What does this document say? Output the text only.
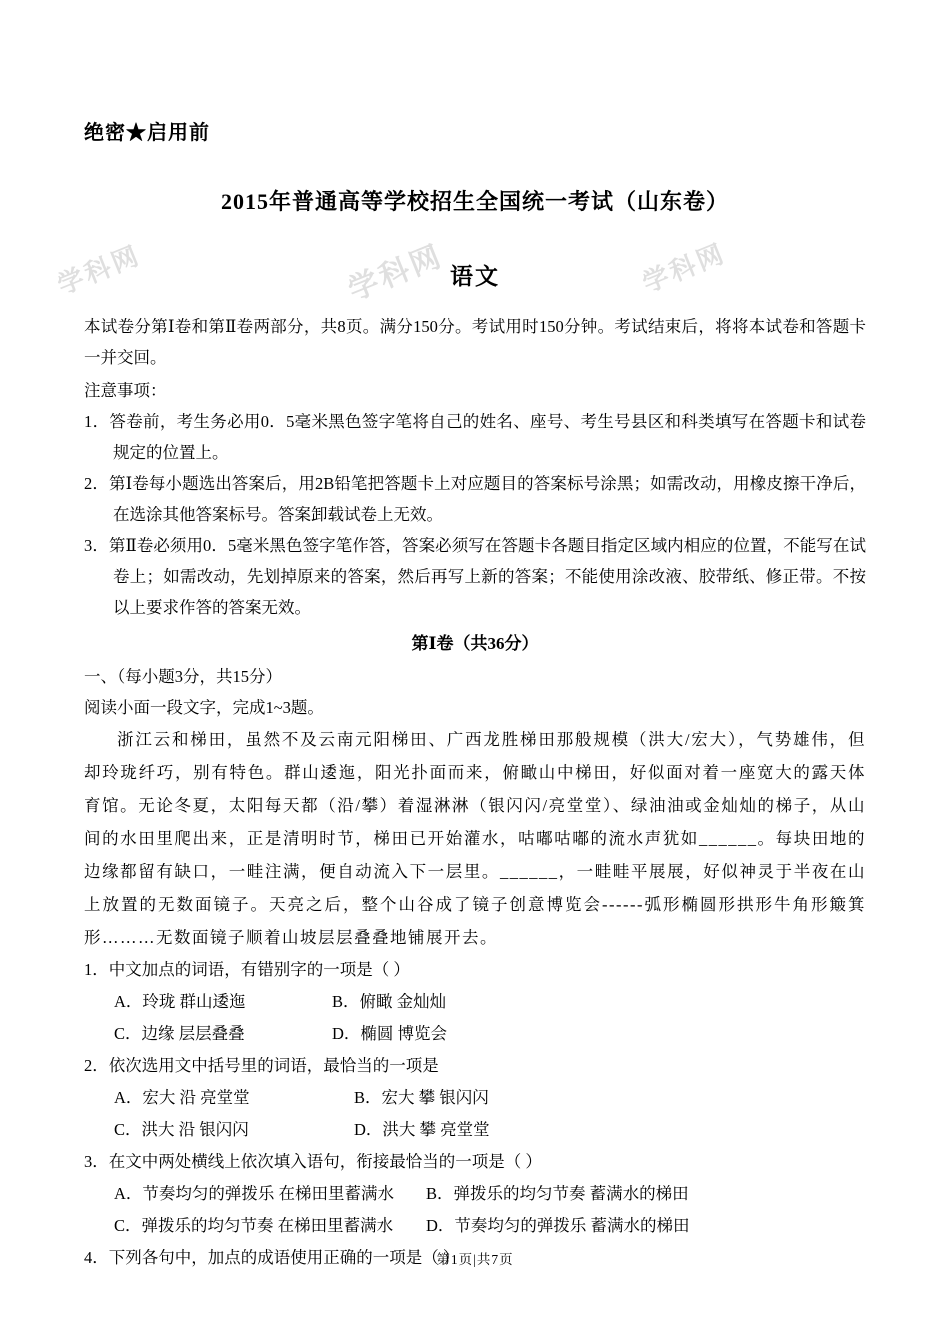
绝密★启用前
2015年普通高等学校招生全国统一考试（山东卷）
语文
本试卷分第Ⅰ卷和第Ⅱ卷两部分，共8页。满分150分。考试用时150分钟。考试结束后，将将本试卷和答题卡一并交回。
注意事项：
1．答卷前，考生务必用0．5毫米黑色签字笔将自己的姓名、座号、考生号县区和科类填写在答题卡和试卷规定的位置上。
2．第Ⅰ卷每小题选出答案后，用2B铅笔把答题卡上对应题目的答案标号涂黑；如需改动，用橡皮擦干净后，在选涂其他答案标号。答案卸载试卷上无效。
3．第Ⅱ卷必须用0．5毫米黑色签字笔作答，答案必须写在答题卡各题目指定区域内相应的位置，不能写在试卷上；如需改动，先划掉原来的答案，然后再写上新的答案；不能使用涂改液、胶带纸、修正带。不按以上要求作答的答案无效。
第Ⅰ卷（共36分）
一、（每小题3分，共15分）
阅读小面一段文字，完成1~3题。
浙江云和梯田，虽然不及云南元阳梯田、广西龙胜梯田那般规模（洪大/宏大），气势雄伟，但却玲珑纤巧，别有特色。群山逶迤，阳光扑面而来，俯瞰山中梯田，好似面对着一座宽大的露天体育馆。无论冬夏，太阳每天都（沿/攀）着湿淋淋（银闪闪/亮堂堂）、绿油油或金灿灿的梯子，从山间的水田里爬出来，正是清明时节，梯田已开始灌水，咕嘟咕嘟的流水声犹如______。每块田地的边缘都留有缺口，一畦注满，便自动流入下一层里。______，一畦畦平展展，好似神灵于半夜在山上放置的无数面镜子。天亮之后，整个山谷成了镜子创意博览会------弧形椭圆形拱形牛角形簸箕形………无数面镜子顺着山坡层层叠叠地铺展开去。
1．中文加点的词语，有错别字的一项是（ ）
A．玲珑 群山逶迤	B．俯瞰 金灿灿
C．边缘 层层叠叠	D．椭圆 博览会
2．依次选用文中括号里的词语，最恰当的一项是
A．宏大 沿 亮堂堂	B．宏大 攀 银闪闪
C．洪大 沿 银闪闪	D．洪大 攀 亮堂堂
3．在文中两处横线上依次填入语句，衔接最恰当的一项是（ ）
A．节奏均匀的弹拨乐 在梯田里蓄满水	B．弹拨乐的均匀节奏 蓄满水的梯田
C．弹拨乐的均匀节奏 在梯田里蓄满水	D．节奏均匀的弹拨乐 蓄满水的梯田
4．下列各句中，加点的成语使用正确的一项是（ ）
学科网	学科网	学科网
第1页|共7页
